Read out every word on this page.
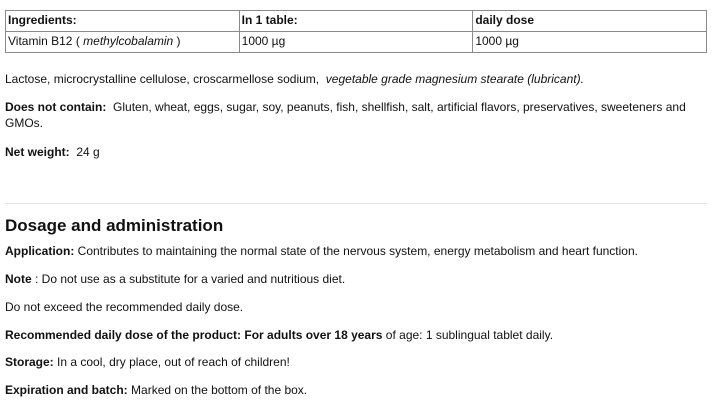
Ingredients:	In 1 table:	daily dose
Vitamin B12 ( methylcobalamin )	1000 µg	1000 µg

Lactose, microcrystalline cellulose, croscarmellose sodium, vegetable grade magnesium stearate (lubricant).

Does not contain: Gluten, wheat, eggs, sugar, soy, peanuts, fish, shellfish, salt, artificial flavors, preservatives, sweeteners and GMOs.

Net weight: 24 g

Dosage and administration

Application: Contributes to maintaining the normal state of the nervous system, energy metabolism and heart function.

Note : Do not use as a substitute for a varied and nutritious diet.

Do not exceed the recommended daily dose.

Recommended daily dose of the product: For adults over 18 years of age: 1 sublingual tablet daily.

Storage: In a cool, dry place, out of reach of children!

Expiration and batch: Marked on the bottom of the box.
